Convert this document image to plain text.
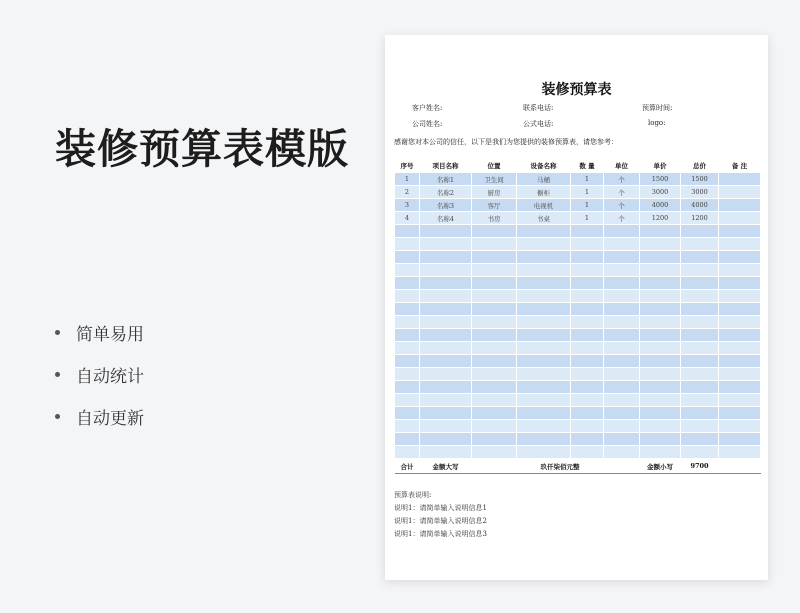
装修预算表模版
简单易用
自动统计
自动更新
装修预算表
客户姓名:	联系电话:	预算时间:
公司姓名:	公式电话:	logo:
感谢您对本公司的信任，以下是我们为您提供的装修预算表，请您参考：
序号	项目名称	位置	设备名称	数 量	单位	单价	总价	备 注
1	名称1	卫生间	马桶	1	个	1500	1500	
2	名称2	厨房	橱柜	1	个	3000	3000	
3	名称3	客厅	电视机	1	个	4000	4000	
4	名称4	书房	书桌	1	个	1200	1200	

合计	金额大写		玖仟柒佰元整			金额小写	9700	
预算表说明:
说明1：请简单输入说明信息1
说明1：请简单输入说明信息2
说明1：请简单输入说明信息3
